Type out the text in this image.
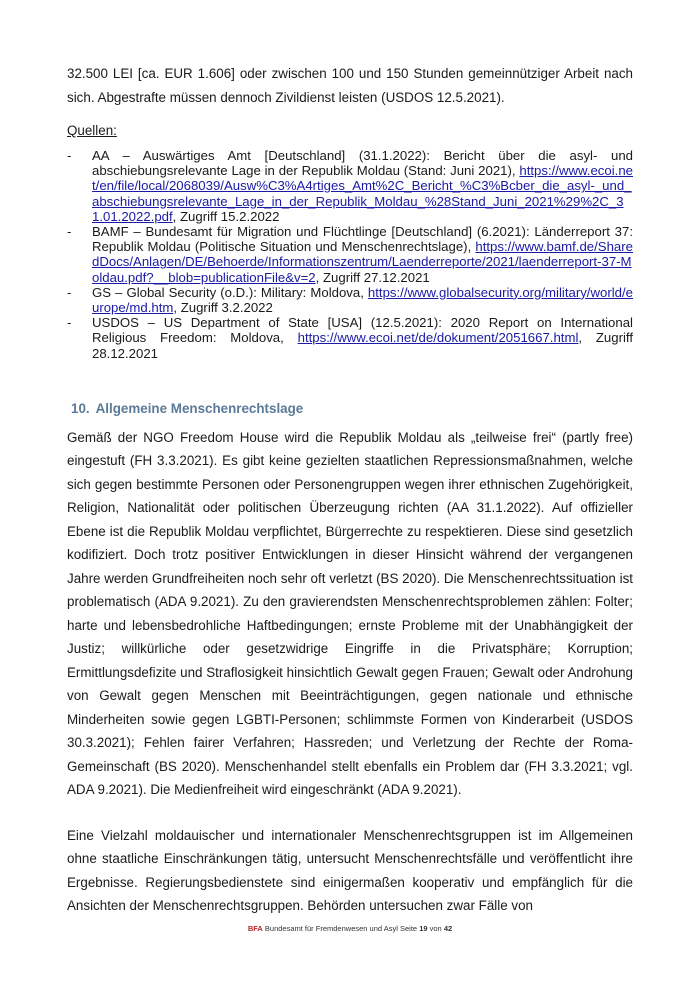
32.500 LEI [ca. EUR 1.606] oder zwischen 100 und 150 Stunden gemeinnütziger Arbeit nach sich. Abgestrafte müssen dennoch Zivildienst leisten (USDOS 12.5.2021).

Quellen:
- AA – Auswärtiges Amt [Deutschland] (31.1.2022): Bericht über die asyl- und abschiebungsrelevante Lage in der Republik Moldau (Stand: Juni 2021), https://www.ecoi.net/en/file/local/2068039/Ausw%C3%A4rtiges_Amt%2C_Bericht_%C3%Bcber_die_asyl-_und_abschiebungsrelevante_Lage_in_der_Republik_Moldau_%28Stand_Juni_2021%29%2C_31.01.2022.pdf, Zugriff 15.2.2022
- BAMF – Bundesamt für Migration und Flüchtlinge [Deutschland] (6.2021): Länderreport 37: Republik Moldau (Politische Situation und Menschenrechtslage), https://www.bamf.de/SharedDocs/Anlagen/DE/Behoerde/Informationszentrum/Laenderreporte/2021/laenderreport-37-Moldau.pdf?__blob=publicationFile&v=2, Zugriff 27.12.2021
- GS – Global Security (o.D.): Military: Moldova, https://www.globalsecurity.org/military/world/europe/md.htm, Zugriff 3.2.2022
- USDOS – US Department of State [USA] (12.5.2021): 2020 Report on International Religious Freedom: Moldova, https://www.ecoi.net/de/dokument/2051667.html, Zugriff 28.12.2021
10. Allgemeine Menschenrechtslage

Gemäß der NGO Freedom House wird die Republik Moldau als „teilweise frei“ (partly free) eingestuft (FH 3.3.2021). Es gibt keine gezielten staatlichen Repressionsmaßnahmen, welche sich gegen bestimmte Personen oder Personengruppen wegen ihrer ethnischen Zugehörigkeit, Religion, Nationalität oder politischen Überzeugung richten (AA 31.1.2022). Auf offizieller Ebene ist die Republik Moldau verpflichtet, Bürgerrechte zu respektieren. Diese sind gesetzlich kodifiziert. Doch trotz positiver Entwicklungen in dieser Hinsicht während der vergangenen Jahre werden Grundfreiheiten noch sehr oft verletzt (BS 2020). Die Menschenrechtssituation ist problematisch (ADA 9.2021). Zu den gravierendsten Menschenrechtsproblemen zählen: Folter; harte und lebensbedrohliche Haftbedingungen; ernste Probleme mit der Unabhängigkeit der Justiz; willkürliche oder gesetzwidrige Eingriffe in die Privatsphäre; Korruption; Ermittlungsdefizite und Straflosigkeit hinsichtlich Gewalt gegen Frauen; Gewalt oder Androhung von Gewalt gegen Menschen mit Beeinträchtigungen, gegen nationale und ethnische Minderheiten sowie gegen LGBTI-Personen; schlimmste Formen von Kinderarbeit (USDOS 30.3.2021); Fehlen fairer Verfahren; Hassreden; und Verletzung der Rechte der Roma-Gemeinschaft (BS 2020). Menschenhandel stellt ebenfalls ein Problem dar (FH 3.3.2021; vgl. ADA 9.2021). Die Medienfreiheit wird eingeschränkt (ADA 9.2021).

Eine Vielzahl moldauischer und internationaler Menschenrechtsgruppen ist im Allgemeinen ohne staatliche Einschränkungen tätig, untersucht Menschenrechtsfälle und veröffentlicht ihre Ergebnisse. Regierungsbedienstete sind einigermaßen kooperativ und empfänglich für die Ansichten der Menschenrechtsgruppen. Behörden untersuchen zwar Fälle von

BFA Bundesamt für Fremdenwesen und Asyl Seite 19 von 42
